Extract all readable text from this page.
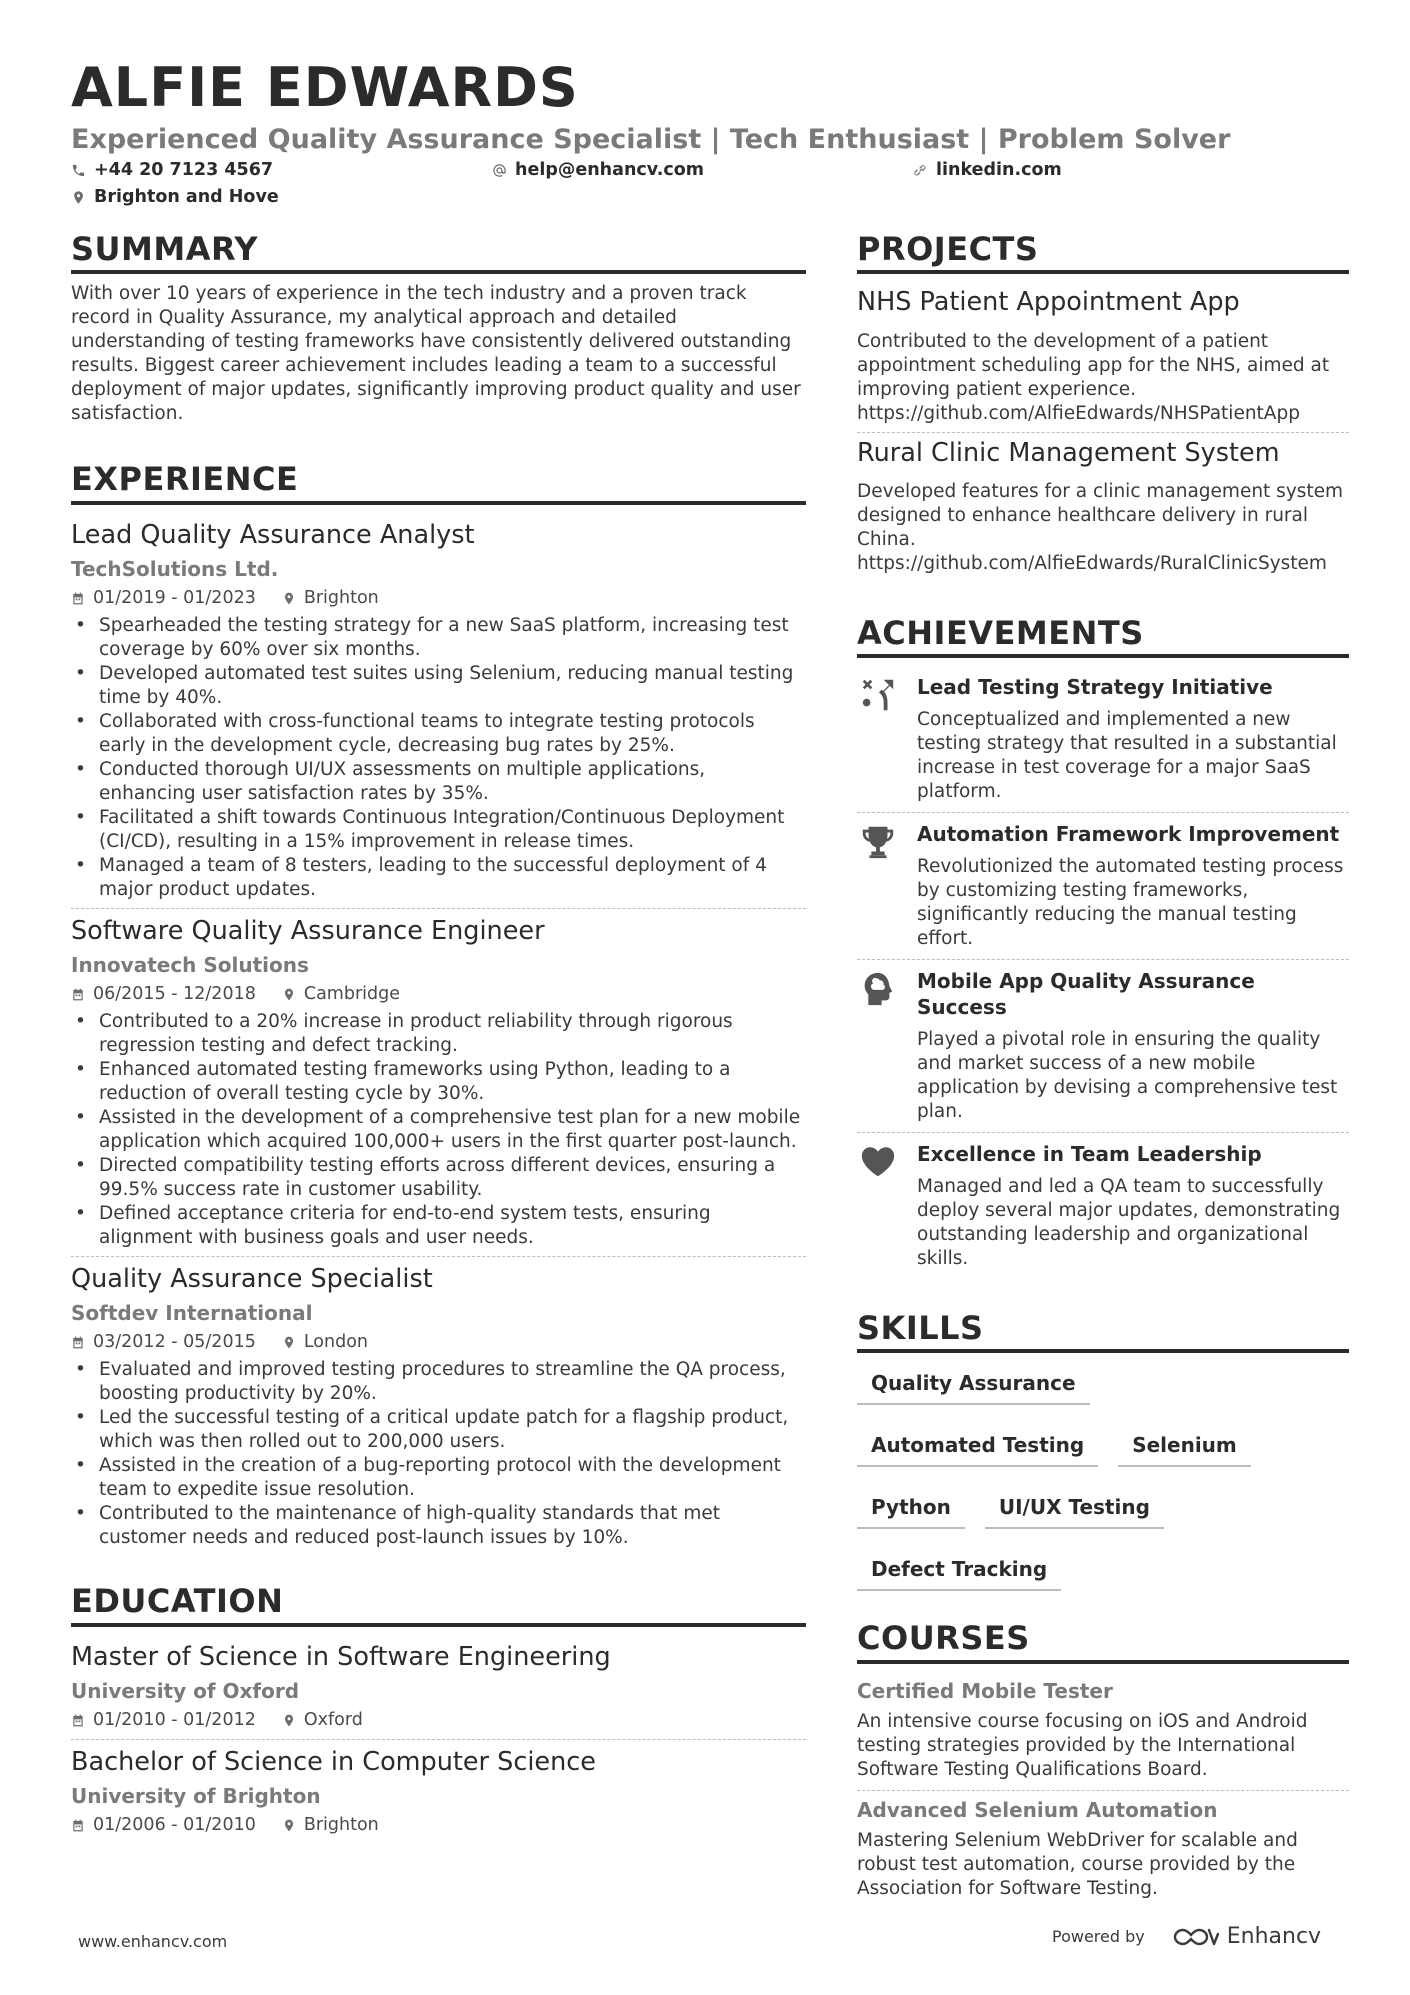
ALFIE EDWARDS
Experienced Quality Assurance Specialist | Tech Enthusiast | Problem Solver
+44 20 7123 4567	help@enhancv.com	linkedin.com
Brighton and Hove
SUMMARY

With over 10 years of experience in the tech industry and a proven track record in Quality Assurance, my analytical approach and detailed understanding of testing frameworks have consistently delivered outstanding results. Biggest career achievement includes leading a team to a successful deployment of major updates, significantly improving product quality and user satisfaction.

EXPERIENCE
Lead Quality Assurance Analyst
TechSolutions Ltd.
01/2019 - 01/2023	Brighton
• Spearheaded the testing strategy for a new SaaS platform, increasing test coverage by 60% over six months.
• Developed automated test suites using Selenium, reducing manual testing time by 40%.
• Collaborated with cross-functional teams to integrate testing protocols early in the development cycle, decreasing bug rates by 25%.
• Conducted thorough UI/UX assessments on multiple applications, enhancing user satisfaction rates by 35%.
• Facilitated a shift towards Continuous Integration/Continuous Deployment (CI/CD), resulting in a 15% improvement in release times.
• Managed a team of 8 testers, leading to the successful deployment of 4 major product updates.
Software Quality Assurance Engineer
Innovatech Solutions
06/2015 - 12/2018	Cambridge
• Contributed to a 20% increase in product reliability through rigorous regression testing and defect tracking.
• Enhanced automated testing frameworks using Python, leading to a reduction of overall testing cycle by 30%.
• Assisted in the development of a comprehensive test plan for a new mobile application which acquired 100,000+ users in the first quarter post-launch.
• Directed compatibility testing efforts across different devices, ensuring a 99.5% success rate in customer usability.
• Defined acceptance criteria for end-to-end system tests, ensuring alignment with business goals and user needs.
Quality Assurance Specialist
Softdev International
03/2012 - 05/2015	London
• Evaluated and improved testing procedures to streamline the QA process, boosting productivity by 20%.
• Led the successful testing of a critical update patch for a flagship product, which was then rolled out to 200,000 users.
• Assisted in the creation of a bug-reporting protocol with the development team to expedite issue resolution.
• Contributed to the maintenance of high-quality standards that met customer needs and reduced post-launch issues by 10%.
EDUCATION
Master of Science in Software Engineering
University of Oxford
01/2010 - 01/2012	Oxford
Bachelor of Science in Computer Science
University of Brighton
01/2006 - 01/2010	Brighton
PROJECTS
NHS Patient Appointment App
Contributed to the development of a patient appointment scheduling app for the NHS, aimed at improving patient experience.
https://github.com/AlfieEdwards/NHSPatientApp
Rural Clinic Management System
Developed features for a clinic management system designed to enhance healthcare delivery in rural China.
https://github.com/AlfieEdwards/RuralClinicSystem
ACHIEVEMENTS
Lead Testing Strategy Initiative
Conceptualized and implemented a new testing strategy that resulted in a substantial increase in test coverage for a major SaaS platform.
Automation Framework Improvement
Revolutionized the automated testing process by customizing testing frameworks, significantly reducing the manual testing effort.
Mobile App Quality Assurance Success
Played a pivotal role in ensuring the quality and market success of a new mobile application by devising a comprehensive test plan.
Excellence in Team Leadership
Managed and led a QA team to successfully deploy several major updates, demonstrating outstanding leadership and organizational skills.
SKILLS
Quality Assurance
Automated Testing	Selenium
Python	UI/UX Testing
Defect Tracking
COURSES
Certified Mobile Tester
An intensive course focusing on iOS and Android testing strategies provided by the International Software Testing Qualifications Board.
Advanced Selenium Automation
Mastering Selenium WebDriver for scalable and robust test automation, course provided by the Association for Software Testing.
www.enhancv.com	Powered by	Enhancv
